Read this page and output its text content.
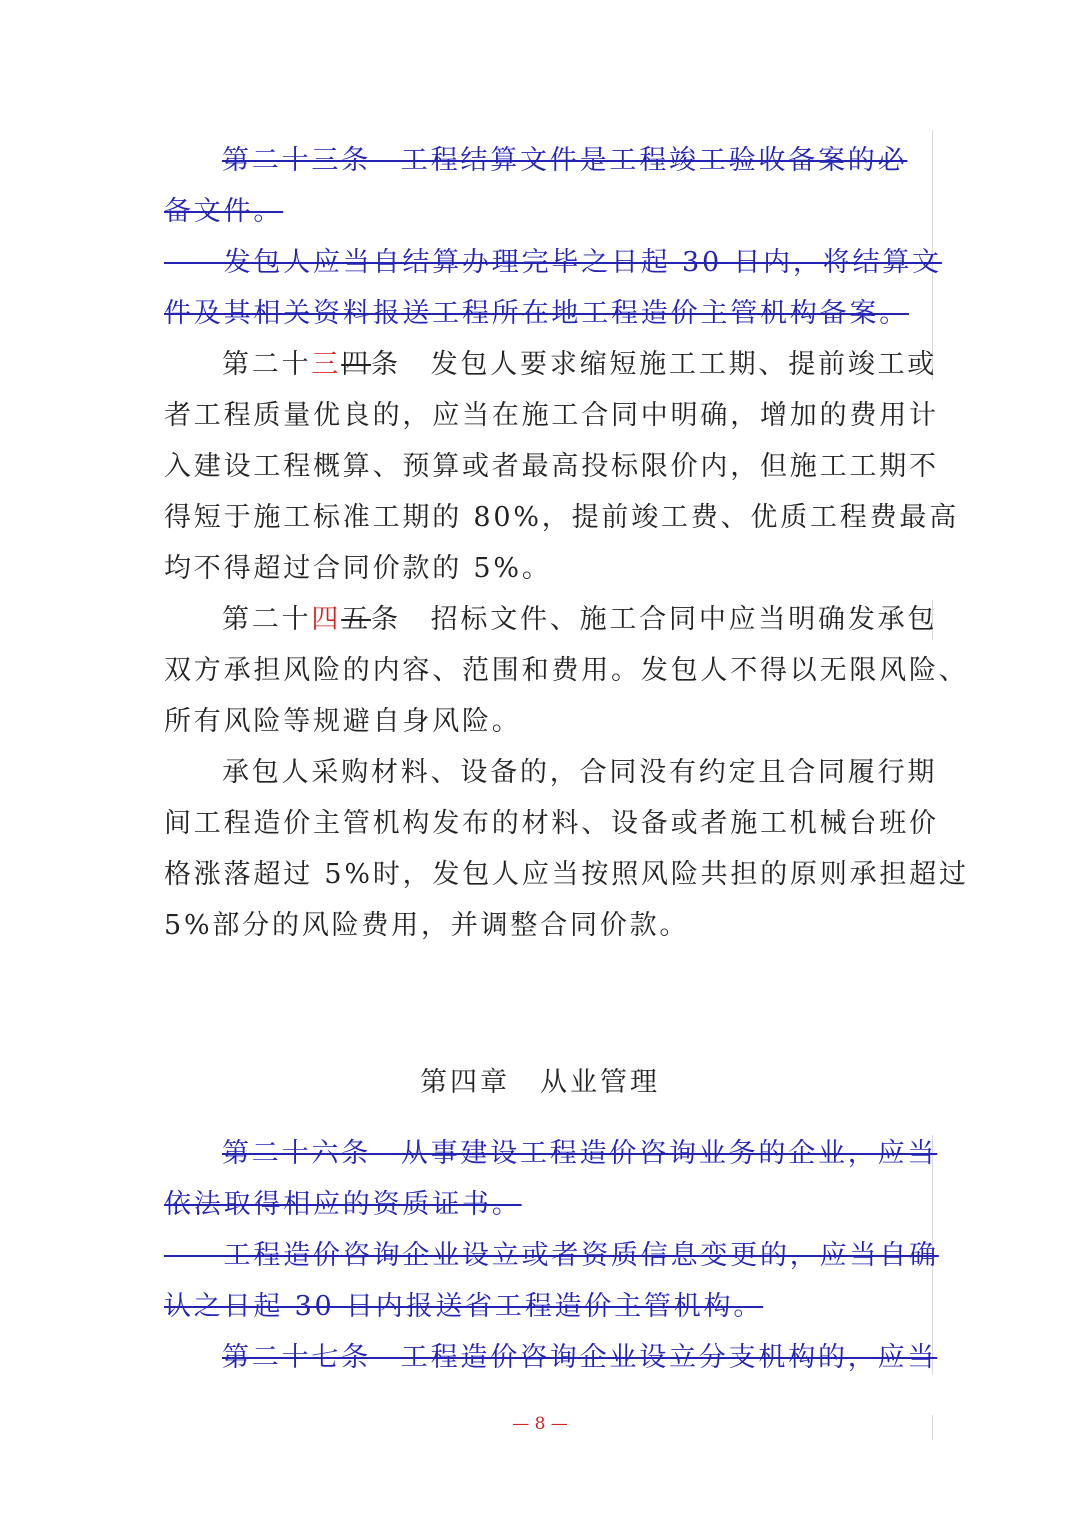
第二十三条　工程结算文件是工程竣工验收备案的必
备文件。
　　发包人应当自结算办理完毕之日起 30 日内，将结算文
件及其相关资料报送工程所在地工程造价主管机构备案。
第二十三四条　发包人要求缩短施工工期、提前竣工或
者工程质量优良的，应当在施工合同中明确，增加的费用计
入建设工程概算、预算或者最高投标限价内，但施工工期不
得短于施工标准工期的 80%，提前竣工费、优质工程费最高
均不得超过合同价款的 5%。
第二十四五条　招标文件、施工合同中应当明确发承包
双方承担风险的内容、范围和费用。发包人不得以无限风险、
所有风险等规避自身风险。
承包人采购材料、设备的，合同没有约定且合同履行期
间工程造价主管机构发布的材料、设备或者施工机械台班价
格涨落超过 5%时，发包人应当按照风险共担的原则承担超过
5%部分的风险费用，并调整合同价款。
第四章　从业管理
第二十六条　从事建设工程造价咨询业务的企业，应当
依法取得相应的资质证书。
　　工程造价咨询企业设立或者资质信息变更的，应当自确
认之日起 30 日内报送省工程造价主管机构。
第二十七条　工程造价咨询企业设立分支机构的，应当
— 8 —
